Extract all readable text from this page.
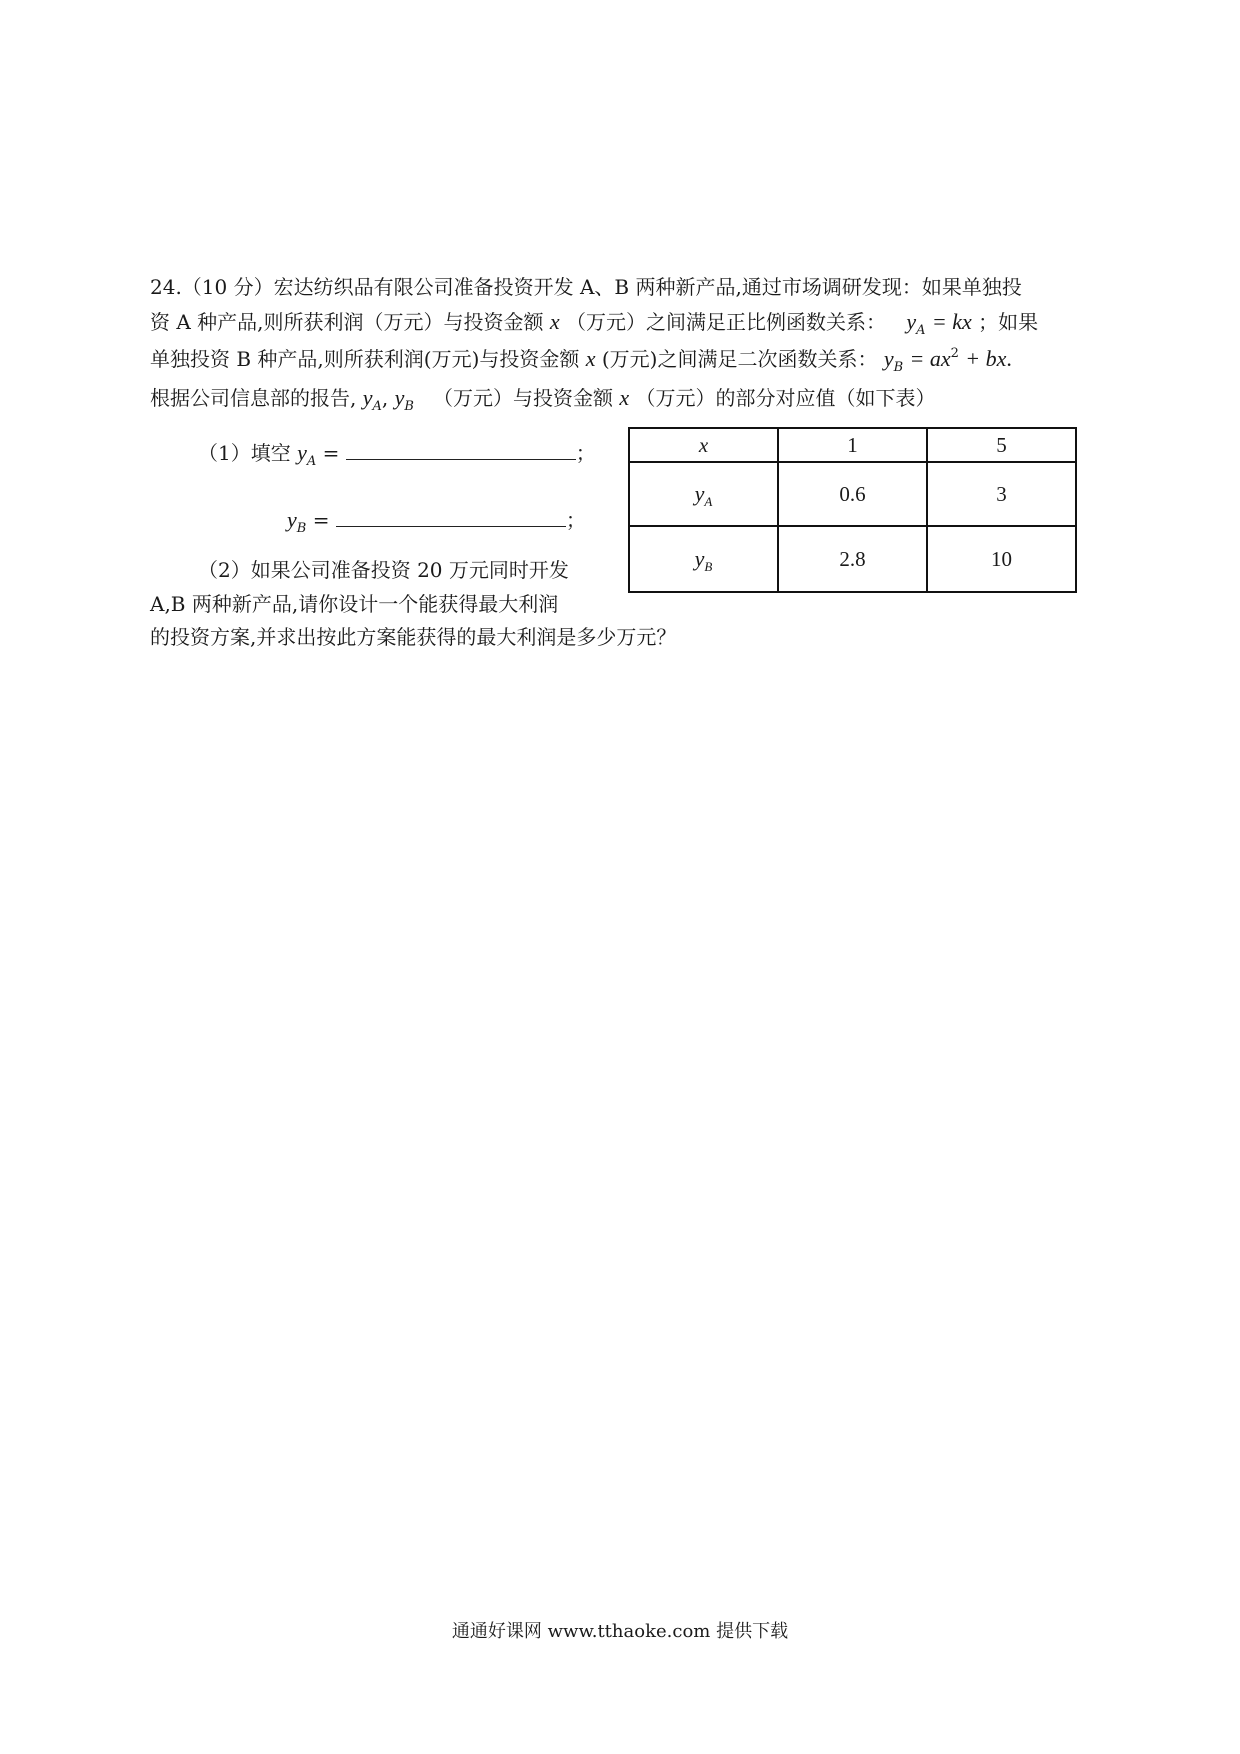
24.（10 分）宏达纺织品有限公司准备投资开发 A、B 两种新产品,通过市场调研发现：如果单独投
资 A 种产品,则所获利润（万元）与投资金额 x （万元）之间满足正比例函数关系： $y_A$ = kx ；如果
单独投资 B 种产品,则所获利润(万元)与投资金额 x (万元)之间满足二次函数关系： $y_B = ax^2$ + bx.
根据公司信息部的报告, $y_A$, $y_B$ （万元）与投资金额 x （万元）的部分对应值（如下表）
（1）填空 $y_A$ =	；
$y_B$ =	；
（2）如果公司准备投资 20 万元同时开发
A,B 两种新产品,请你设计一个能获得最大利润
的投资方案,并求出按此方案能获得的最大利润是多少万元？
x	1	5
$y_A$	0.6	3
$y_B$	2.8	10
通通好课网 www.tthaoke.com 提供下载
